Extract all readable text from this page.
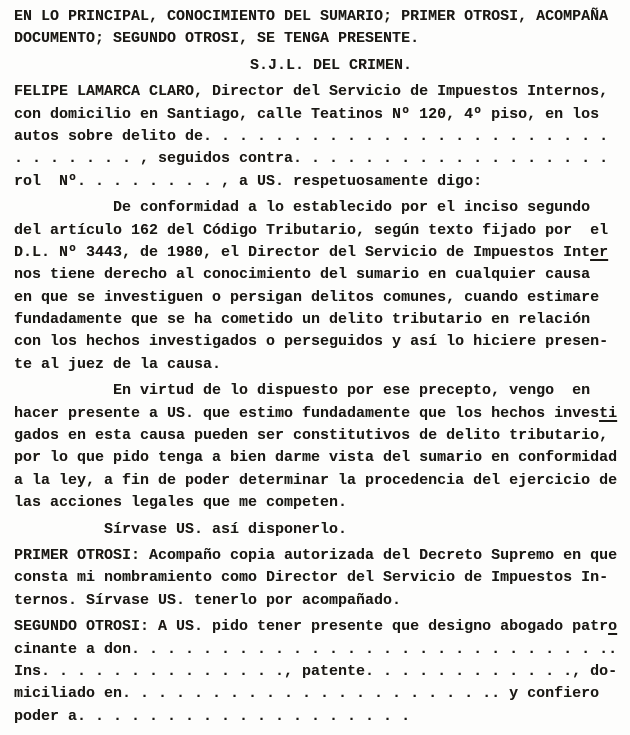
EN LO PRINCIPAL, CONOCIMIENTO DEL SUMARIO; PRIMER OTROSI, ACOMPAÑA
DOCUMENTO; SEGUNDO OTROSI, SE TENGA PRESENTE.
S.J.L. DEL CRIMEN.
FELIPE LAMARCA CLARO, Director del Servicio de Impuestos Internos,
con domicilio en Santiago, calle Teatinos Nº 120, 4º piso, en los
autos sobre delito de. . . . . . . . . . . . . . . . . . . . . . .
. . . . . . . , seguidos contra. . . . . . . . . . . . . . . . . .
rol  Nº. . . . . . . . , a US. respetuosamente digo:
De conformidad a lo establecido por el inciso segundo
del artículo 162 del Código Tributario, según texto fijado por  el
D.L. Nº 3443, de 1980, el Director del Servicio de Impuestos Inter
nos tiene derecho al conocimiento del sumario en cualquier causa
en que se investiguen o persigan delitos comunes, cuando estimare
fundadamente que se ha cometido un delito tributario en relación
con los hechos investigados o perseguidos y así lo hiciere presen-
te al juez de la causa.
En virtud de lo dispuesto por ese precepto, vengo  en
hacer presente a US. que estimo fundadamente que los hechos investi
gados en esta causa pueden ser constitutivos de delito tributario,
por lo que pido tenga a bien darme vista del sumario en conformidad
a la ley, a fin de poder determinar la procedencia del ejercicio de
las acciones legales que me competen.
Sírvase US. así disponerlo.
PRIMER OTROSI: Acompaño copia autorizada del Decreto Supremo en que
consta mi nombramiento como Director del Servicio de Impuestos In-
ternos. Sírvase US. tenerlo por acompañado.
SEGUNDO OTROSI: A US. pido tener presente que designo abogado patro
cinante a don. . . . . . . . . . . . . . . . . . . . . . . . . . ..
Ins. . . . . . . . . . . . . ., patente. . . . . . . . . . . ., do-
miciliado en. . . . . . . . . . . . . . . . . . . . .. y confiero
poder a. . . . . . . . . . . . . . . . . . .
